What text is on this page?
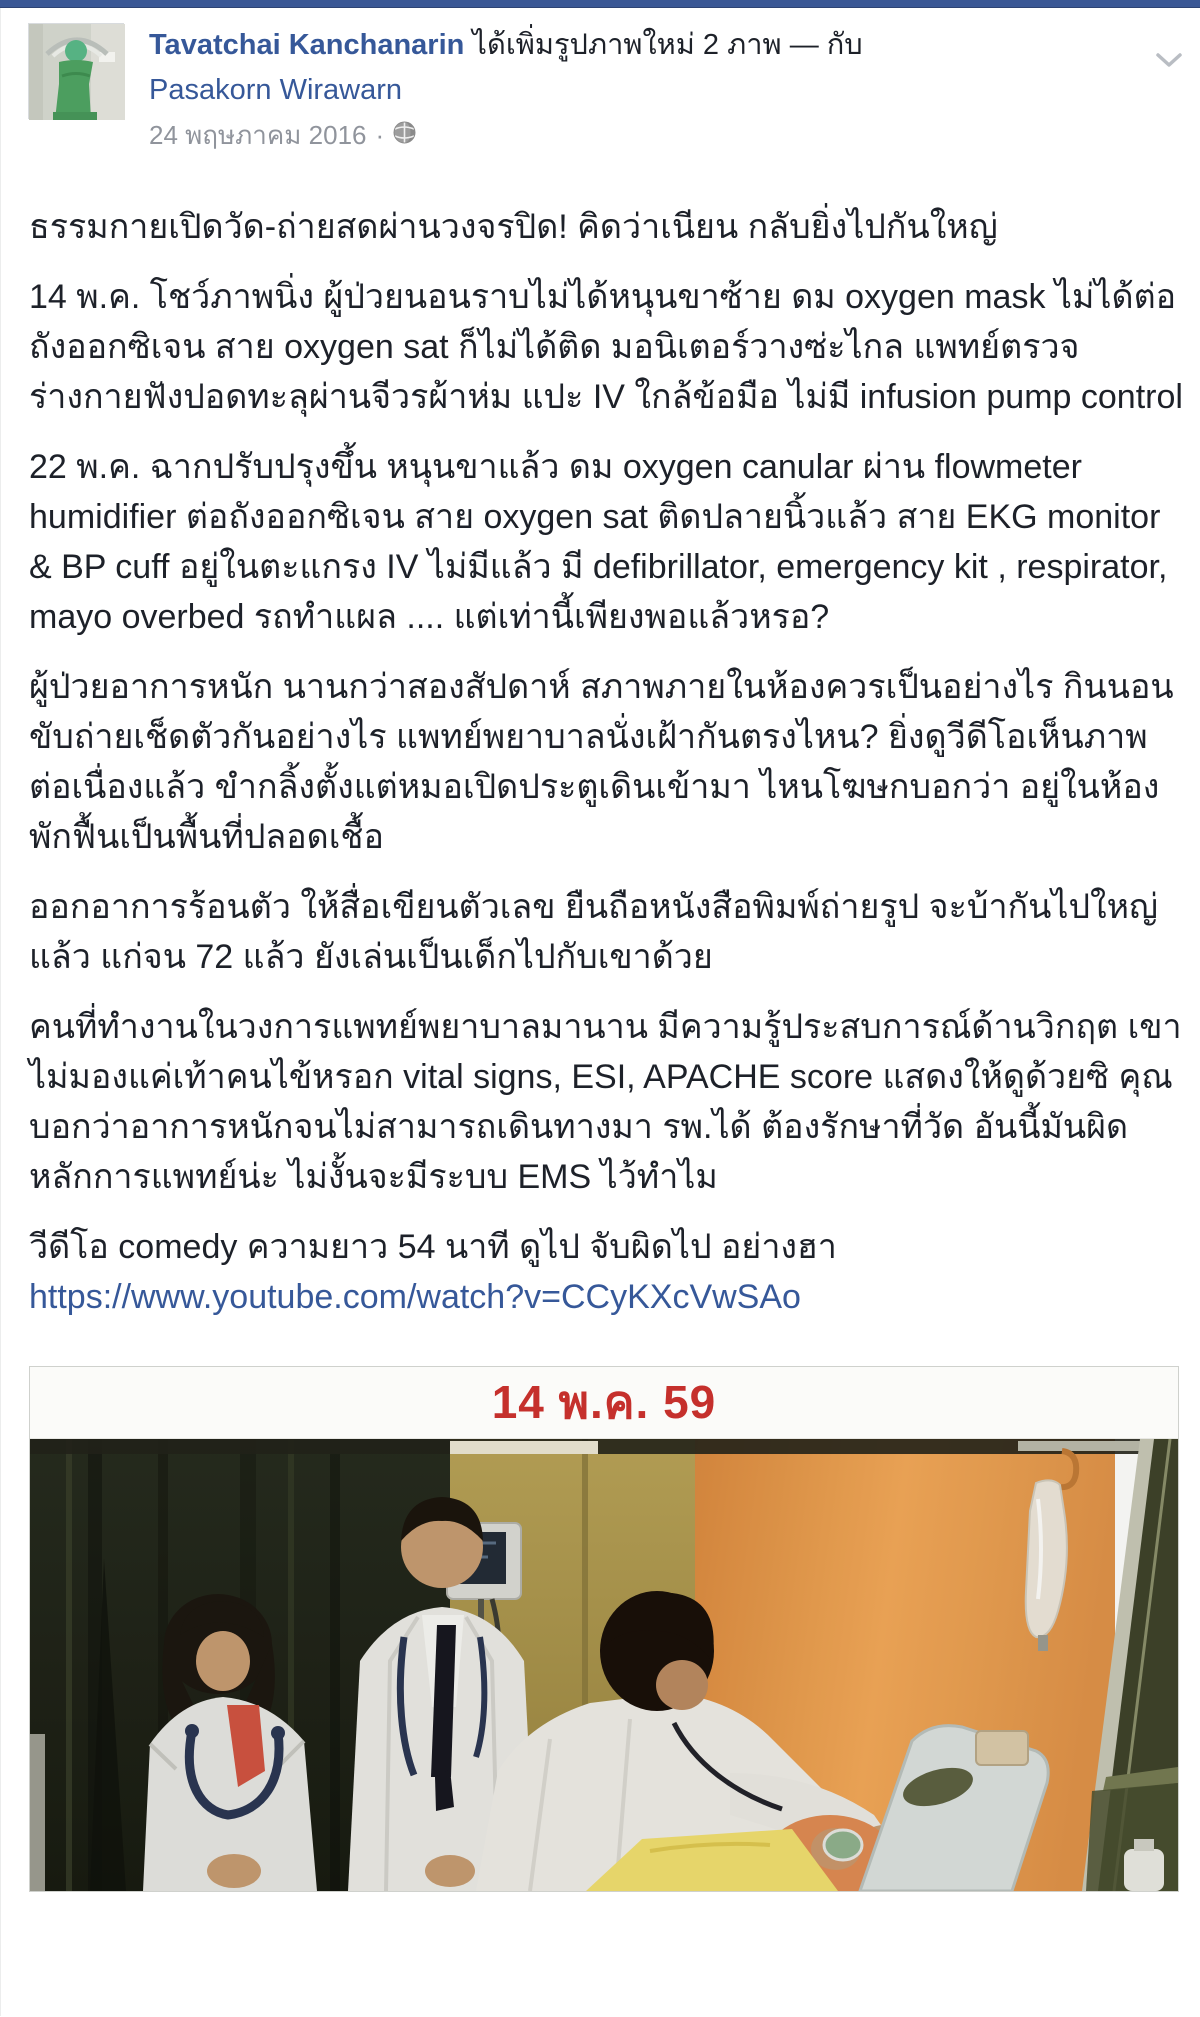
Tavatchai Kanchanarin ได้เพิ่มรูปภาพใหม่ 2 ภาพ — กับ
Pasakorn Wirawarn
24 พฤษภาคม 2016 ·

ธรรมกายเปิดวัด-ถ่ายสดผ่านวงจรปิด! คิดว่าเนียน กลับยิ่งไปกันใหญ่

14 พ.ค. โชว์ภาพนิ่ง ผู้ป่วยนอนราบไม่ได้หนุนขาซ้าย ดม oxygen mask ไม่ได้ต่อถังออกซิเจน สาย oxygen sat ก็ไม่ได้ติด มอนิเตอร์วางซ่ะไกล แพทย์ตรวจร่างกายฟังปอดทะลุผ่านจีวรผ้าห่ม แปะ IV ใกล้ข้อมือ ไม่มี infusion pump control

22 พ.ค. ฉากปรับปรุงขึ้น หนุนขาแล้ว ดม oxygen canular ผ่าน flowmeter humidifier ต่อถังออกซิเจน สาย oxygen sat ติดปลายนิ้วแล้ว สาย EKG monitor & BP cuff อยู่ในตะแกรง IV ไม่มีแล้ว มี defibrillator, emergency kit , respirator, mayo overbed รถทำแผล .... แต่เท่านี้เพียงพอแล้วหรอ?

ผู้ป่วยอาการหนัก นานกว่าสองสัปดาห์ สภาพภายในห้องควรเป็นอย่างไร กินนอนขับถ่ายเช็ดตัวกันอย่างไร แพทย์พยาบาลนั่งเฝ้ากันตรงไหน? ยิ่งดูวีดีโอเห็นภาพต่อเนื่องแล้ว ขำกลิ้งตั้งแต่หมอเปิดประตูเดินเข้ามา ไหนโฆษกบอกว่า อยู่ในห้องพักฟื้นเป็นพื้นที่ปลอดเชื้อ

ออกอาการร้อนตัว ให้สื่อเขียนตัวเลข ยืนถือหนังสือพิมพ์ถ่ายรูป จะบ้ากันไปใหญ่แล้ว แก่จน 72 แล้ว ยังเล่นเป็นเด็กไปกับเขาด้วย

คนที่ทำงานในวงการแพทย์พยาบาลมานาน มีความรู้ประสบการณ์ด้านวิกฤต เขาไม่มองแค่เท้าคนไข้หรอก vital signs, ESI, APACHE score แสดงให้ดูด้วยซิ คุณบอกว่าอาการหนักจนไม่สามารถเดินทางมา รพ.ได้ ต้องรักษาที่วัด อันนี้มันผิดหลักการแพทย์น่ะ ไม่งั้นจะมีระบบ EMS ไว้ทำไม

วีดีโอ comedy ความยาว 54 นาที ดูไป จับผิดไป อย่างฮา
https://www.youtube.com/watch?v=CCyKXcVwSAo

14 พ.ค. 59
